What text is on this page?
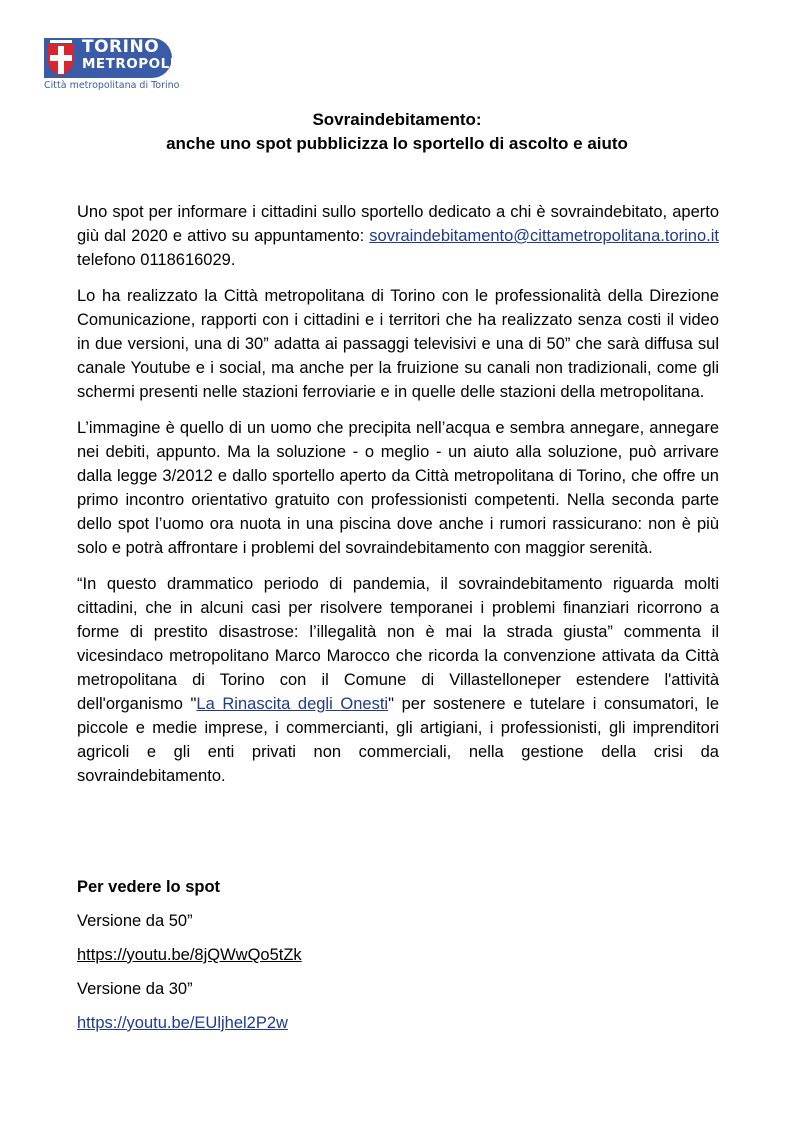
TORINO
METROPOLI
Città metropolitana di Torino
Sovraindebitamento:
anche uno spot pubblicizza lo sportello di ascolto e aiuto

Uno spot per informare i cittadini sullo sportello dedicato a chi è sovraindebitato, aperto giù dal 2020 e attivo su appuntamento: sovraindebitamento@cittametropolitana.torino.it telefono 0118616029.

Lo ha realizzato la Città metropolitana di Torino con le professionalità della Direzione Comunicazione, rapporti con i cittadini e i territori che ha realizzato senza costi il video in due versioni, una di 30” adatta ai passaggi televisivi e una di 50” che sarà diffusa sul canale Youtube e i social, ma anche per la fruizione su canali non tradizionali, come gli schermi presenti nelle stazioni ferroviarie e in quelle delle stazioni della metropolitana.

L’immagine è quello di un uomo che precipita nell’acqua e sembra annegare, annegare nei debiti, appunto. Ma la soluzione - o meglio - un aiuto alla soluzione, può arrivare dalla legge 3/2012 e dallo sportello aperto da Città metropolitana di Torino, che offre un primo incontro orientativo gratuito con professionisti competenti. Nella seconda parte dello spot l’uomo ora nuota in una piscina dove anche i rumori rassicurano: non è più solo e potrà affrontare i problemi del sovraindebitamento con maggior serenità.

“In questo drammatico periodo di pandemia, il sovraindebitamento riguarda molti cittadini, che in alcuni casi per risolvere temporanei i problemi finanziari ricorrono a forme di prestito disastrose: l’illegalità non è mai la strada giusta” commenta il vicesindaco metropolitano Marco Marocco che ricorda la convenzione attivata da Città metropolitana di Torino con il Comune di Villastelloneper estendere l'attività dell'organismo "La Rinascita degli Onesti" per sostenere e tutelare i consumatori, le piccole e medie imprese, i commercianti, gli artigiani, i professionisti, gli imprenditori agricoli e gli enti privati non commerciali, nella gestione della crisi da sovraindebitamento.

Per vedere lo spot
Versione da 50”
https://youtu.be/8jQWwQo5tZk
Versione da 30”
https://youtu.be/EUljhel2P2w
